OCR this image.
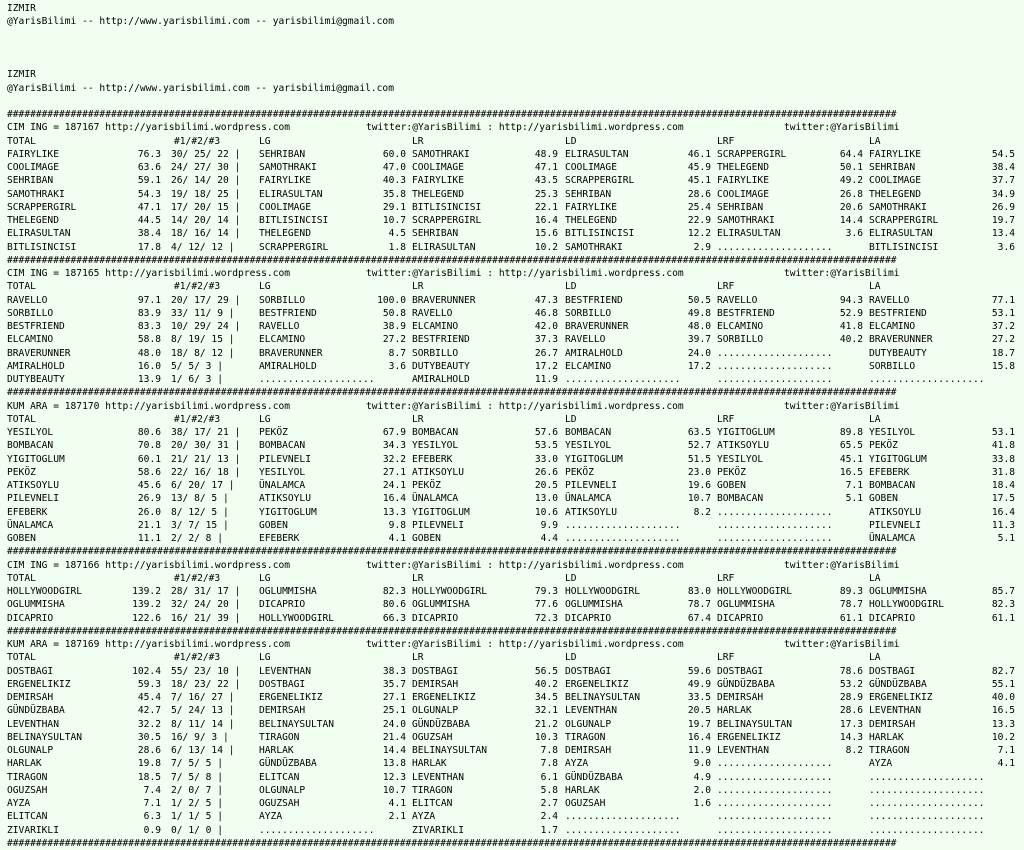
IZMIR
@YarisBilimi -- http://www.yarisbilimi.com -- yarisbilimi@gmail.com
IZMIR
@YarisBilimi -- http://www.yarisbilimi.com -- yarisbilimi@gmail.com
##########################################################################################################################################################
CIM ING = 187167 http://yarisbilimi.wordpress.com	twitter:@YarisBilimi : http://yarisbilimi.wordpress.com	twitter:@YarisBilimi
TOTAL	#1/#2/#3	LG	LR	LD	LRF	LA
FAIRYLIKE	76.3 30/ 25/ 22 | SEHRIBAN	60.0 SAMOTHRAKI	48.9 ELIRASULTAN	46.1 SCRAPPERGIRL	64.4 FAIRYLIKE	54.5
COOLIMAGE	63.6 24/ 27/ 30 | SAMOTHRAKI	47.0 COOLIMAGE	47.1 COOLIMAGE	45.9 THELEGEND	50.1 SEHRIBAN	38.4
SEHRIBAN	59.1 26/ 14/ 20 | FAIRYLIKE	40.3 FAIRYLIKE	43.5 SCRAPPERGIRL	45.1 FAIRYLIKE	49.2 COOLIMAGE	37.7
SAMOTHRAKI	54.3 19/ 18/ 25 | ELIRASULTAN	35.8 THELEGEND	25.3 SEHRIBAN	28.6 COOLIMAGE	26.8 THELEGEND	34.9
SCRAPPERGIRL	47.1 17/ 20/ 15 | COOLIMAGE	29.1 BITLISINCISI	22.1 FAIRYLIKE	25.4 SEHRIBAN	20.6 SAMOTHRAKI	26.9
THELEGEND	44.5 14/ 20/ 14 | BITLISINCISI	10.7 SCRAPPERGIRL	16.4 THELEGEND	22.9 SAMOTHRAKI	14.4 SCRAPPERGIRL	19.7
ELIRASULTAN	38.4 18/ 16/ 14 | THELEGEND	4.5 SEHRIBAN	15.6 BITLISINCISI	12.2 ELIRASULTAN	3.6 ELIRASULTAN	13.4
BITLISINCISI	17.8 4/ 12/ 12 |	SCRAPPERGIRL	1.8 ELIRASULTAN	10.2 SAMOTHRAKI	2.9 ....................	BITLISINCISI	3.6
##########################################################################################################################################################
CIM ING = 187165 http://yarisbilimi.wordpress.com	twitter:@YarisBilimi : http://yarisbilimi.wordpress.com	twitter:@YarisBilimi
TOTAL	#1/#2/#3	LG	LR	LD	LRF	LA
RAVELLO	97.1 20/ 17/ 29 | SORBILLO	100.0 BRAVERUNNER	47.3 BESTFRIEND	50.5 RAVELLO	94.3 RAVELLO	77.1
SORBILLO	83.9 33/ 11/ 9 |	BESTFRIEND	50.8 RAVELLO	46.8 SORBILLO	49.8 BESTFRIEND	52.9 BESTFRIEND	53.1
BESTFRIEND	83.3 10/ 29/ 24 | RAVELLO	38.9 ELCAMINO	42.0 BRAVERUNNER	48.0 ELCAMINO	41.8 ELCAMINO	37.2
ELCAMINO	58.8 8/ 19/ 15 |	ELCAMINO	27.2 BESTFRIEND	37.3 RAVELLO	39.7 SORBILLO	40.2 BRAVERUNNER	27.2
BRAVERUNNER	48.0 18/ 8/ 12 |	BRAVERUNNER	8.7 SORBILLO	26.7 AMIRALHOLD	24.0 ....................	DUTYBEAUTY	18.7
AMIRALHOLD	16.0 5/ 5/ 3 |	AMIRALHOLD	3.6 DUTYBEAUTY	17.2 ELCAMINO	17.2 ....................	SORBILLO	15.8
DUTYBEAUTY	13.9 1/ 6/ 3 |	....................	AMIRALHOLD	11.9 ....................	....................	....................
##########################################################################################################################################################
KUM ARA = 187170 http://yarisbilimi.wordpress.com	twitter:@YarisBilimi : http://yarisbilimi.wordpress.com	twitter:@YarisBilimi
TOTAL	#1/#2/#3	LG	LR	LD	LRF	LA
YESILYOL	80.6 38/ 17/ 21 | PEKÖZ	67.9 BOMBACAN	57.6 BOMBACAN	63.5 YIGITOGLUM	89.8 YESILYOL	53.1
BOMBACAN	70.8 20/ 30/ 31 | BOMBACAN	34.3 YESILYOL	53.5 YESILYOL	52.7 ATIKSOYLU	65.5 PEKÖZ	41.8
YIGITOGLUM	60.1 21/ 21/ 13 | PILEVNELI	32.2 EFEBERK	33.0 YIGITOGLUM	51.5 YESILYOL	45.1 YIGITOGLUM	33.8
PEKÖZ	58.6 22/ 16/ 18 | YESILYOL	27.1 ATIKSOYLU	26.6 PEKÖZ	23.0 PEKÖZ	16.5 EFEBERK	31.8
ATIKSOYLU	45.6 6/ 20/ 17 |	ÜNALAMCA	24.1 PEKÖZ	20.5 PILEVNELI	19.6 GOBEN	7.1 BOMBACAN	18.4
PILEVNELI	26.9 13/ 8/ 5 |	ATIKSOYLU	16.4 ÜNALAMCA	13.0 ÜNALAMCA	10.7 BOMBACAN	5.1 GOBEN	17.5
EFEBERK	26.0 8/ 12/ 5 |	YIGITOGLUM	13.3 YIGITOGLUM	10.6 ATIKSOYLU	8.2 ....................	ATIKSOYLU	16.4
ÜNALAMCA	21.1 3/ 7/ 15 |	GOBEN	9.8 PILEVNELI	9.9 ....................	....................	PILEVNELI	11.3
GOBEN	11.1 2/ 2/ 8 |	EFEBERK	4.1 GOBEN	4.4 ....................	....................	ÜNALAMCA	5.1
##########################################################################################################################################################
CIM ING = 187166 http://yarisbilimi.wordpress.com	twitter:@YarisBilimi : http://yarisbilimi.wordpress.com	twitter:@YarisBilimi
TOTAL	#1/#2/#3	LG	LR	LD	LRF	LA
HOLLYWOODGIRL	139.2 28/ 31/ 17 | OGLUMMISHA	82.3 HOLLYWOODGIRL	79.3 HOLLYWOODGIRL	83.0 HOLLYWOODGIRL	89.3 OGLUMMISHA	85.7
OGLUMMISHA	139.2 32/ 24/ 20 | DICAPRIO	80.6 OGLUMMISHA	77.6 OGLUMMISHA	78.7 OGLUMMISHA	78.7 HOLLYWOODGIRL	82.3
DICAPRIO	122.6 16/ 21/ 39 | HOLLYWOODGIRL	66.3 DICAPRIO	72.3 DICAPRIO	67.4 DICAPRIO	61.1 DICAPRIO	61.1
##########################################################################################################################################################
KUM ARA = 187169 http://yarisbilimi.wordpress.com	twitter:@YarisBilimi : http://yarisbilimi.wordpress.com	twitter:@YarisBilimi
TOTAL	#1/#2/#3	LG	LR	LD	LRF	LA
DOSTBAGI	102.4 55/ 23/ 10 | LEVENTHAN	38.3 DOSTBAGI	56.5 DOSTBAGI	59.6 DOSTBAGI	78.6 DOSTBAGI	82.7
ERGENELIKIZ	59.3 18/ 23/ 22 | DOSTBAGI	35.7 DEMIRSAH	40.2 ERGENELIKIZ	49.9 GÜNDÜZBABA	53.2 GÜNDÜZBABA	55.1
DEMIRSAH	45.4 7/ 16/ 27 |	ERGENELIKIZ	27.1 ERGENELIKIZ	34.5 BELINAYSULTAN	33.5 DEMIRSAH	28.9 ERGENELIKIZ	40.0
GÜNDÜZBABA	42.7 5/ 24/ 13 |	DEMIRSAH	25.1 OLGUNALP	32.1 LEVENTHAN	20.5 HARLAK	28.6 LEVENTHAN	16.5
LEVENTHAN	32.2 8/ 11/ 14 |	BELINAYSULTAN	24.0 GÜNDÜZBABA	21.2 OLGUNALP	19.7 BELINAYSULTAN	17.3 DEMIRSAH	13.3
BELINAYSULTAN	30.5 16/ 9/ 3 |	TIRAGON	21.4 OGUZSAH	10.3 TIRAGON	16.4 ERGENELIKIZ	14.3 HARLAK	10.2
OLGUNALP	28.6 6/ 13/ 14 |	HARLAK	14.4 BELINAYSULTAN	7.8 DEMIRSAH	11.9 LEVENTHAN	8.2 TIRAGON	7.1
HARLAK	19.8 7/ 5/ 5 |	GÜNDÜZBABA	13.8 HARLAK	7.8 AYZA	9.0 ....................	AYZA	4.1
TIRAGON	18.5 7/ 5/ 8 |	ELITCAN	12.3 LEVENTHAN	6.1 GÜNDÜZBABA	4.9 ....................	....................
OGUZSAH	7.4 2/ 0/ 7 |	OLGUNALP	10.7 TIRAGON	5.8 HARLAK	2.0 ....................	....................
AYZA	7.1 1/ 2/ 5 |	OGUZSAH	4.1 ELITCAN	2.7 OGUZSAH	1.6 ....................	....................
ELITCAN	6.3 1/ 1/ 5 |	AYZA	2.1 AYZA	2.4 ....................	....................	....................
ZIVARIKLI	0.9 0/ 1/ 0 |	....................	ZIVARIKLI	1.7 ....................	....................	....................
##########################################################################################################################################################
